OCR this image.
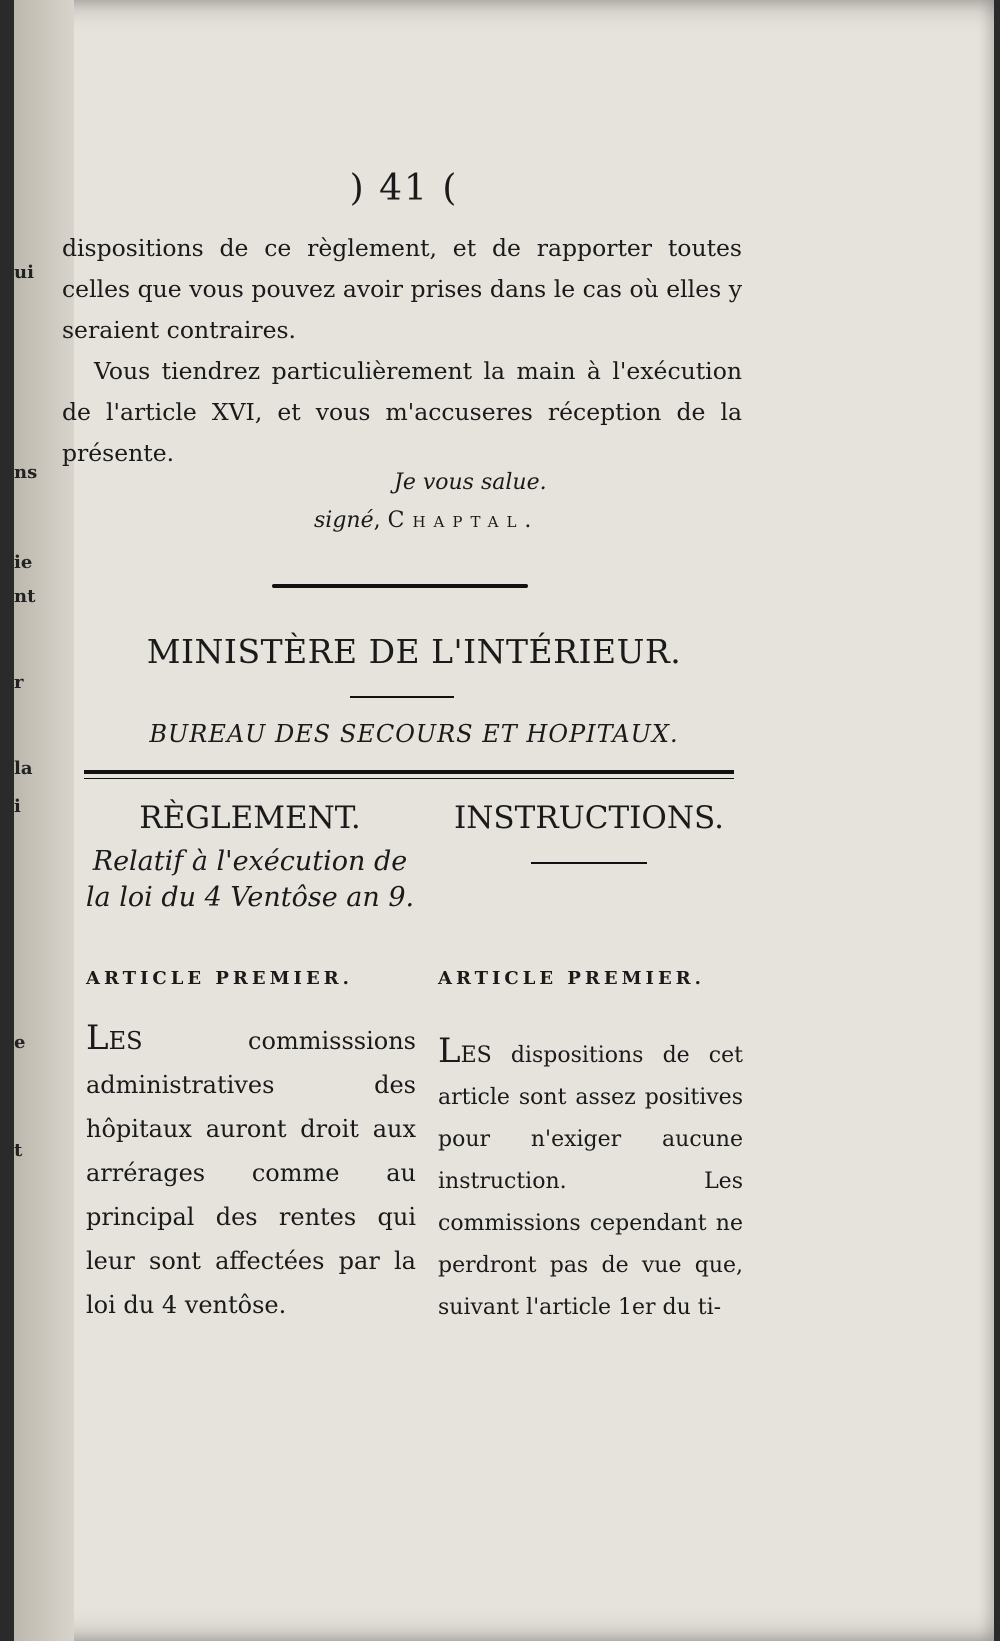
ui
ns
ie
nt
r
la
i
e
t
) 41 (

dispositions de ce règlement, et de rapporter toutes celles que vous pouvez avoir prises dans le cas où elles y seraient contraires.

Vous tiendrez particulièrement la main à l'exécution de l'article XVI, et vous m'accuseres réception de la présente.

Je vous salue.
signé, Chaptal.
MINISTÈRE DE L'INTÉRIEUR.
BUREAU DES SECOURS ET HOPITAUX.
RÈGLEMENT.
Relatif à l'exécution de la loi du 4 Ventôse an 9.
INSTRUCTIONS.
ARTICLE PREMIER.	ARTICLE PREMIER.
LES commisssions administratives des hôpitaux auront droit aux arrérages comme au principal des rentes qui leur sont affectées par la loi du 4 ventôse.
LES dispositions de cet article sont assez positives pour n'exiger aucune instruction. Les commissions cependant ne perdront pas de vue que, suivant l'article 1er du ti-
